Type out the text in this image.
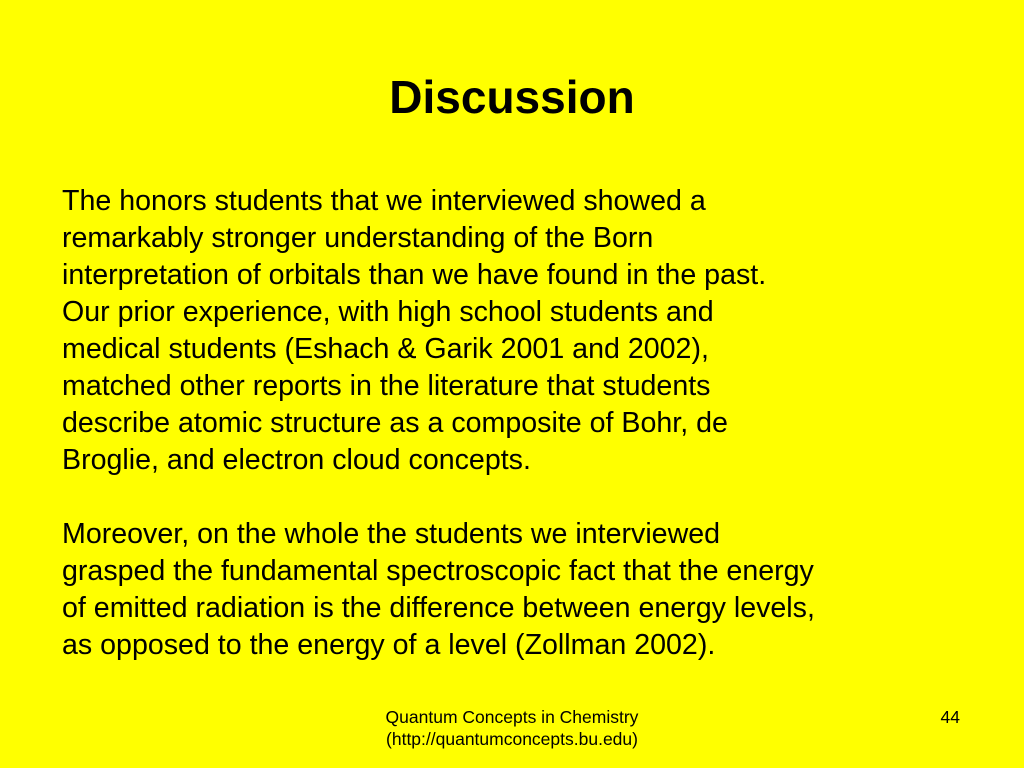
Discussion

The honors students that we interviewed showed a
remarkably stronger understanding of the Born
interpretation of orbitals than we have found in the past.
Our prior experience, with high school students and
medical students (Eshach & Garik 2001 and 2002),
matched other reports in the literature that students
describe atomic structure as a composite of Bohr, de
Broglie, and electron cloud concepts.

Moreover, on the whole the students we interviewed
grasped the fundamental spectroscopic fact that the energy
of emitted radiation is the difference between energy levels,
as opposed to the energy of a level (Zollman 2002).

Quantum Concepts in Chemistry
(http://quantumconcepts.bu.edu)
44
